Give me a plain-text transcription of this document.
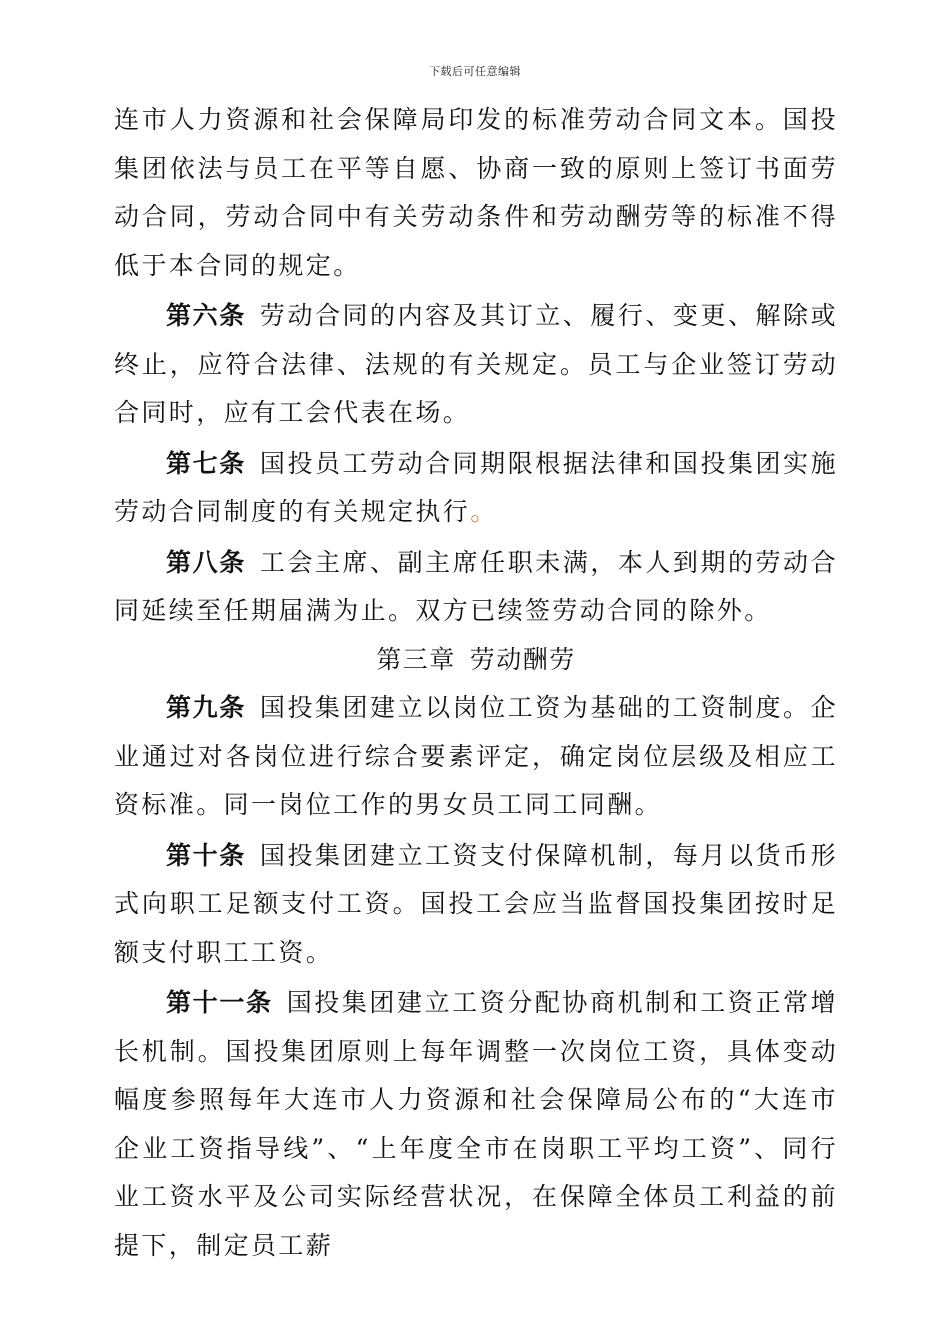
下载后可任意编辑

连市人力资源和社会保障局印发的标准劳动合同文本。国投集团依法与员工在平等自愿、协商一致的原则上签订书面劳动合同，劳动合同中有关劳动条件和劳动酬劳等的标准不得低于本合同的规定。

第六条 劳动合同的内容及其订立、履行、变更、解除或终止，应符合法律、法规的有关规定。员工与企业签订劳动合同时，应有工会代表在场。

第七条 国投员工劳动合同期限根据法律和国投集团实施劳动合同制度的有关规定执行。

第八条 工会主席、副主席任职未满，本人到期的劳动合同延续至任期届满为止。双方已续签劳动合同的除外。

第三章 劳动酬劳

第九条 国投集团建立以岗位工资为基础的工资制度。企业通过对各岗位进行综合要素评定，确定岗位层级及相应工资标准。同一岗位工作的男女员工同工同酬。

第十条 国投集团建立工资支付保障机制，每月以货币形式向职工足额支付工资。国投工会应当监督国投集团按时足额支付职工工资。

第十一条 国投集团建立工资分配协商机制和工资正常增长机制。国投集团原则上每年调整一次岗位工资，具体变动幅度参照每年大连市人力资源和社会保障局公布的“大连市企业工资指导线”、“上年度全市在岗职工平均工资”、同行业工资水平及公司实际经营状况，在保障全体员工利益的前提下，制定员工薪
